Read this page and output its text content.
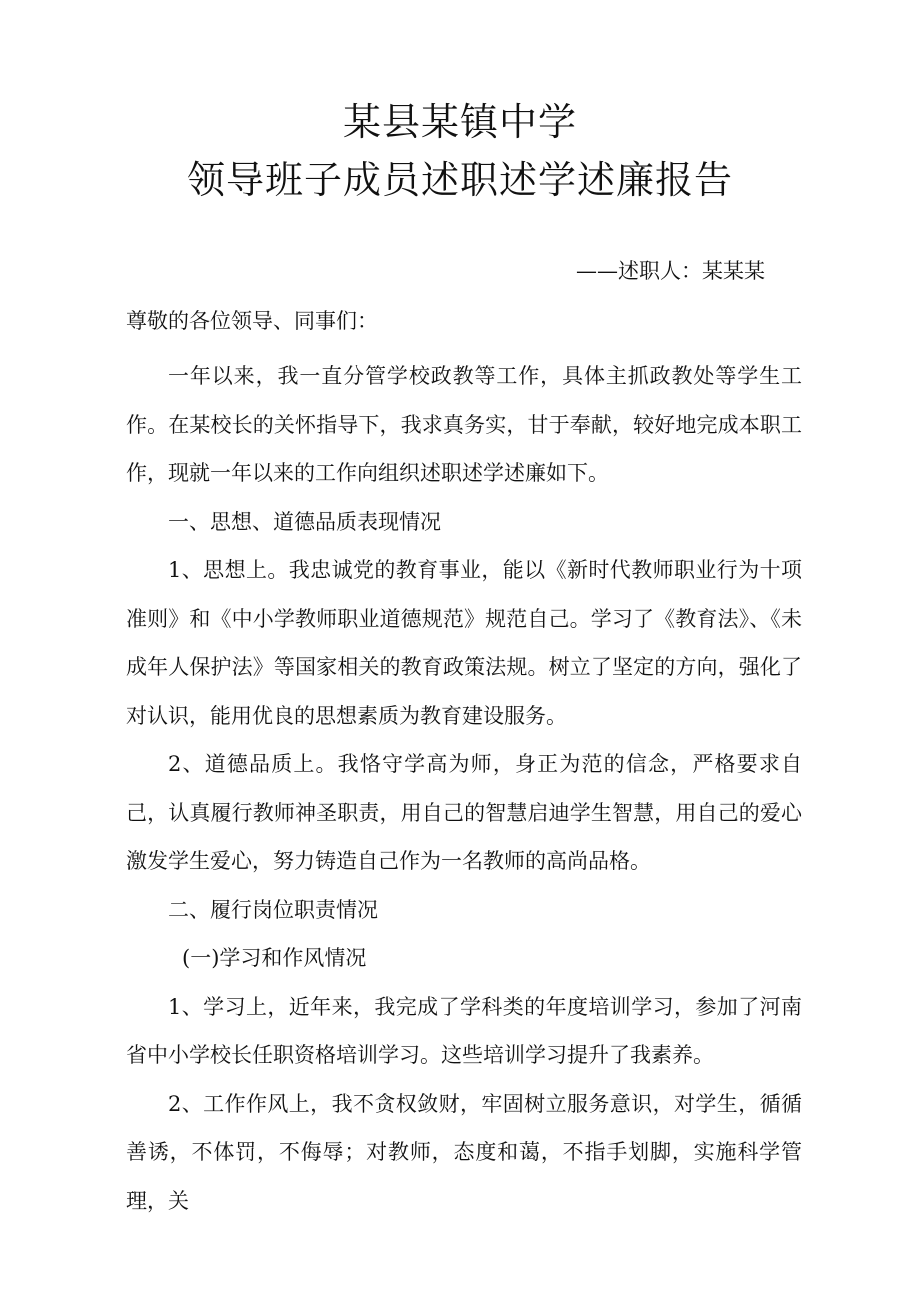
某县某镇中学
领导班子成员述职述学述廉报告
——述职人：某某某
尊敬的各位领导、同事们：

一年以来，我一直分管学校政教等工作，具体主抓政教处等学生工作。在某校长的关怀指导下，我求真务实，甘于奉献，较好地完成本职工作，现就一年以来的工作向组织述职述学述廉如下。

一、思想、道德品质表现情况

1、思想上。我忠诚党的教育事业，能以《新时代教师职业行为十项准则》和《中小学教师职业道德规范》规范自己。学习了《教育法》、《未成年人保护法》等国家相关的教育政策法规。树立了坚定的方向，强化了对认识，能用优良的思想素质为教育建设服务。

2、道德品质上。我恪守学高为师，身正为范的信念，严格要求自己，认真履行教师神圣职责，用自己的智慧启迪学生智慧，用自己的爱心激发学生爱心，努力铸造自己作为一名教师的高尚品格。

二、履行岗位职责情况

(一)学习和作风情况

1、学习上，近年来，我完成了学科类的年度培训学习，参加了河南省中小学校长任职资格培训学习。这些培训学习提升了我素养。

2、工作作风上，我不贪权敛财，牢固树立服务意识，对学生，循循善诱，不体罚，不侮辱；对教师，态度和蔼，不指手划脚，实施科学管理，关
